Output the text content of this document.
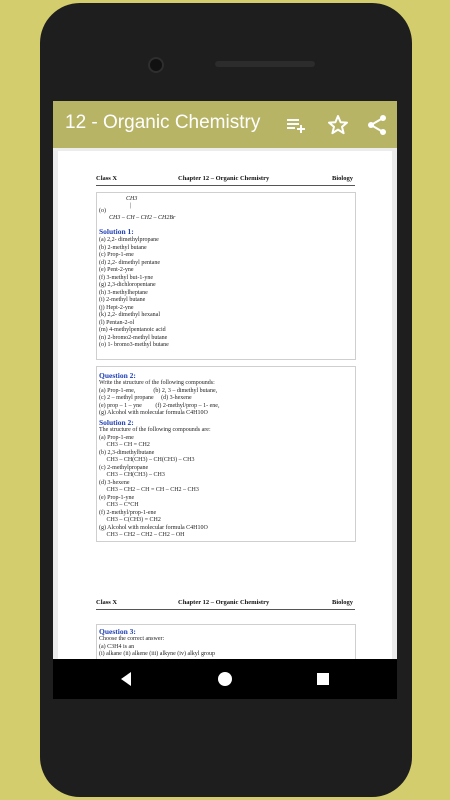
12 - Organic Chemistry
Class X	Chapter 12 – Organic Chemistry	Biology
CH3
|
(o)
CH3 – CH – CH2 – CH2Br
Solution 1:
(a) 2,2- dimethylpropane
(b) 2-methyl butane
(c) Prop-1-ene
(d) 2,2- dimethyl pentane
(e) Pent-2-yne
(f) 3-methyl but-1-yne
(g) 2,3-dichloropentane
(h) 3-methylheptane
(i) 2-methyl butane
(j) Hept-2-yne
(k) 2,2- dimethyl hexanal
(l) Pentan-2-ol
(m) 4-methylpentanoic acid
(n) 2-bromo2-methyl butane
(o) 1- bromo3-methyl butane
Question 2:
Write the structure of the following compounds:
(a) Prop-1-ene,            (b) 2, 3 – dimethyl butane,
(c) 2 – methyl propane     (d) 3-hexene
(e) prop – 1 – yne         (f) 2-methyl/prop – 1- ene,
(g) Alcohol with molecular formula C4H10O
Solution 2:
The structure of the following compounds are:
(a) Prop-1-ene
CH3 – CH = CH2
(b) 2,3-dimethylbutane
CH3 – CH(CH3) – CH(CH3) – CH3
(c) 2-methylpropane
CH3 – CH(CH3) – CH3
(d) 3-hexene
CH3 – CH2 – CH = CH – CH2 – CH3
(e) Prop-1-yne
CH3 – C°CH
(f) 2-methyl/prop-1-ene
CH3 – C(CH3) = CH2
(g) Alcohol with molecular formula C4H10O
CH3 – CH2 – CH2 – CH2 – OH
Class X	Chapter 12 – Organic Chemistry	Biology
Question 3:
Choose the correct answer:
(a) C3H4 is an
(i) alkane (ii) alkene (iii) alkyne (iv) alkyl group
